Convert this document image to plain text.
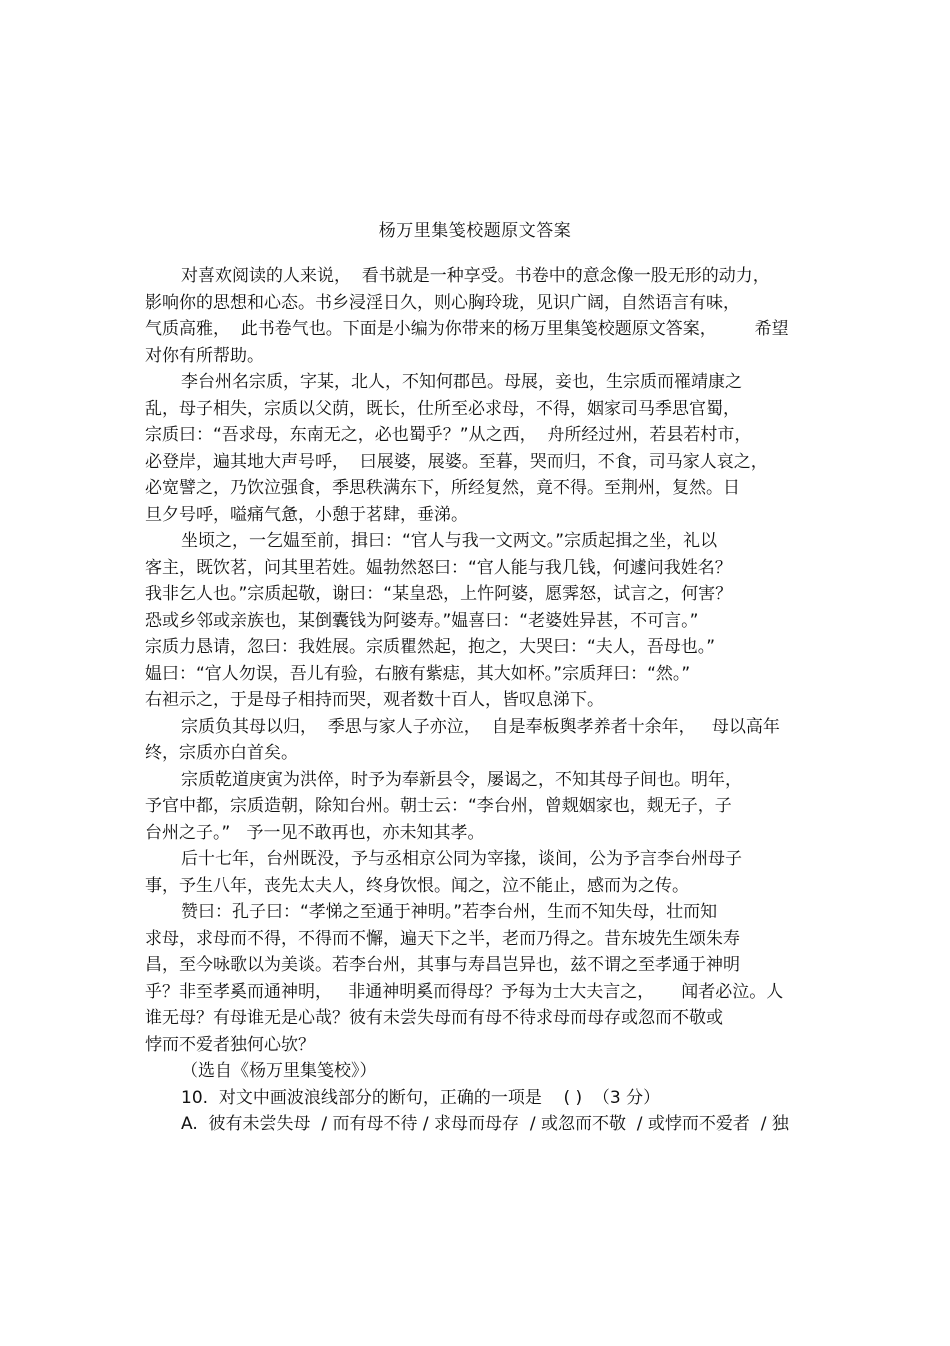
杨万里集笺校题原文答案
对喜欢阅读的人来说，  看书就是一种享受。书卷中的意念像一股无形的动力，
影响你的思想和心态。书乡浸淫日久，则心胸玲珑，见识广阔，自然语言有味，
气质高雅，  此书卷气也。下面是小编为你带来的杨万里集笺校题原文答案，       希望
对你有所帮助。
李台州名宗质，字某，北人，不知何郡邑。母展，妾也，生宗质而罹靖康之
乱，母子相失，宗质以父荫，既长，仕所至必求母，不得，姻家司马季思官蜀，
宗质曰：“吾求母，东南无之，必也蜀乎？”从之西，  舟所经过州，若县若村市，
必登岸，遍其地大声号呼，  曰展婆，展婆。至暮，哭而归，不食，司马家人哀之，
必宽譬之，乃饮泣强食，季思秩满东下，所经复然，竟不得。至荆州，复然。日
旦夕号呼，嗌痛气惫，小憩于茗肆，垂涕。
坐顷之，一乞媪至前，揖曰：“官人与我一文两文。”宗质起揖之坐，礼以
客主，既饮茗，问其里若姓。媪勃然怒曰：“官人能与我几钱，何遽问我姓名？
我非乞人也。”宗质起敬，谢曰：“某皇恐，上忤阿婆，愿霁怒，试言之，何害？
恐或乡邻或亲族也，某倒囊钱为阿婆寿。”媪喜曰：“老婆姓异甚，不可言。”
宗质力恳请，忽曰：我姓展。宗质瞿然起，抱之，大哭曰：“夫人，吾母也。”
媪曰：“官人勿误，吾儿有验，右腋有紫痣，其大如杯。”宗质拜曰：“然。”
右袒示之，于是母子相持而哭，观者数十百人，皆叹息涕下。
宗质负其母以归，  季思与家人子亦泣，  自是奉板舆孝养者十余年，   母以高年
终，宗质亦白首矣。
宗质乾道庚寅为洪倅，时予为奉新县令，屡谒之，不知其母子间也。明年，
予官中都，宗质造朝，除知台州。朝士云：“李台州，曾觌姻家也，觌无子，子
台州之子。”   予一见不敢再也，亦未知其孝。
后十七年，台州既没，予与丞相京公同为宰掾，谈间，公为予言李台州母子
事，予生八年，丧先太夫人，终身饮恨。闻之，泣不能止，感而为之传。
赞曰：孔子曰：“孝悌之至通于神明。”若李台州，生而不知失母，壮而知
求母，求母而不得，不得而不懈，遍天下之半，老而乃得之。昔东坡先生颂朱寿
昌，至今咏歌以为美谈。若李台州，其事与寿昌岂异也，兹不谓之至孝通于神明
乎？非至孝奚而通神明，   非通神明奚而得母？予每为士大夫言之，     闻者必泣。人
谁无母？有母谁无是心哉？彼有未尝失母而有母不待求母而母存或忽而不敬或
悖而不爱者独何心欤？
（选自《杨万里集笺校》）
10.  对文中画波浪线部分的断句，正确的一项是    ( )  （3 分）
A.  彼有未尝失母  / 而有母不待 / 求母而母存  / 或忽而不敬  / 或悖而不爱者  / 独
